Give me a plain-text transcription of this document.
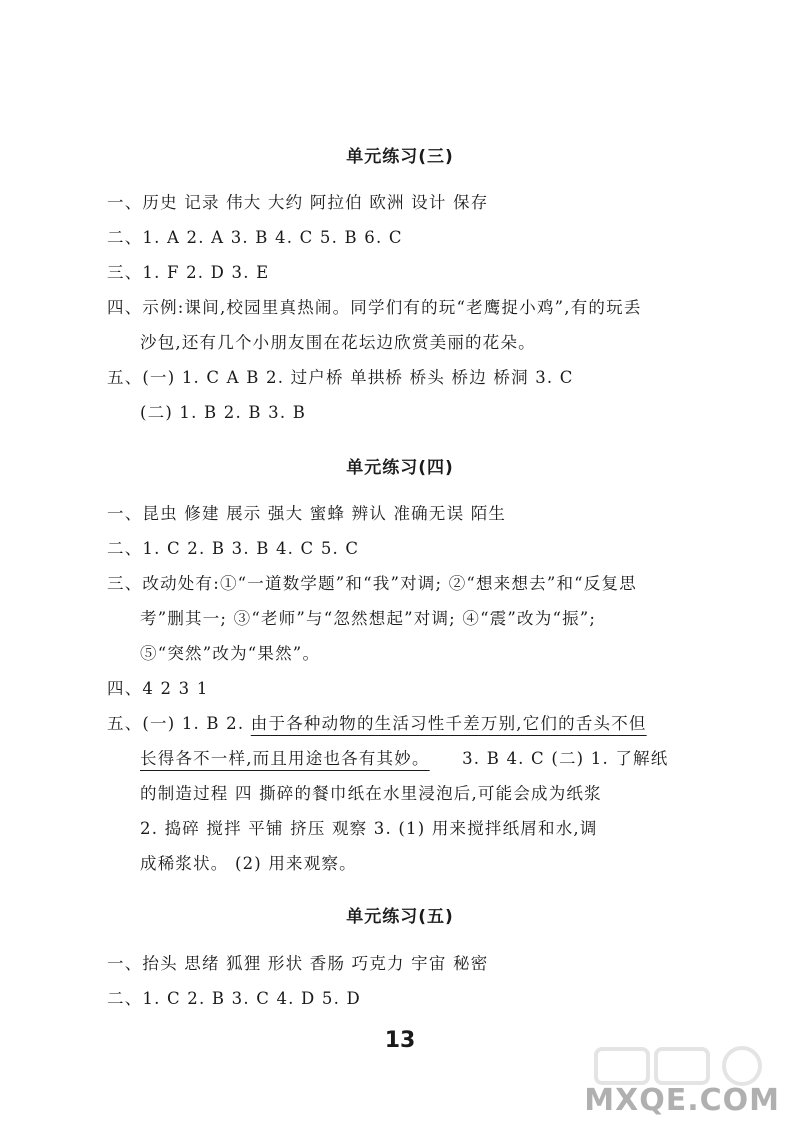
单元练习(三)
一、历史 记录 伟大 大约 阿拉伯 欧洲 设计 保存
二、1. A 2. A 3. B 4. C 5. B 6. C
三、1. F 2. D 3. E
四、示例:课间,校园里真热闹。同学们有的玩“老鹰捉小鸡”,有的玩丢
沙包,还有几个小朋友围在花坛边欣赏美丽的花朵。
五、(一) 1. C A B 2. 过户桥 单拱桥 桥头 桥边 桥洞 3. C
(二) 1. B 2. B 3. B
单元练习(四)
一、昆虫 修建 展示 强大 蜜蜂 辨认 准确无误 陌生
二、1. C 2. B 3. B 4. C 5. C
三、改动处有:①“一道数学题”和“我”对调; ②“想来想去”和“反复思
考”删其一; ③“老师”与“忽然想起”对调; ④“震”改为“振”;
⑤“突然”改为“果然”。
四、4 2 3 1
五、(一) 1. B 2. 由于各种动物的生活习性千差万别,它们的舌头不但
长得各不一样,而且用途也各有其妙。 3. B 4. C (二) 1. 了解纸
的制造过程 四 撕碎的餐巾纸在水里浸泡后,可能会成为纸浆
2. 捣碎 搅拌 平铺 挤压 观察 3. (1) 用来搅拌纸屑和水,调
成稀浆状。 (2) 用来观察。
单元练习(五)
一、抬头 思绪 狐狸 形状 香肠 巧克力 宇宙 秘密
二、1. C 2. B 3. C 4. D 5. D
13
MXQE.COM
